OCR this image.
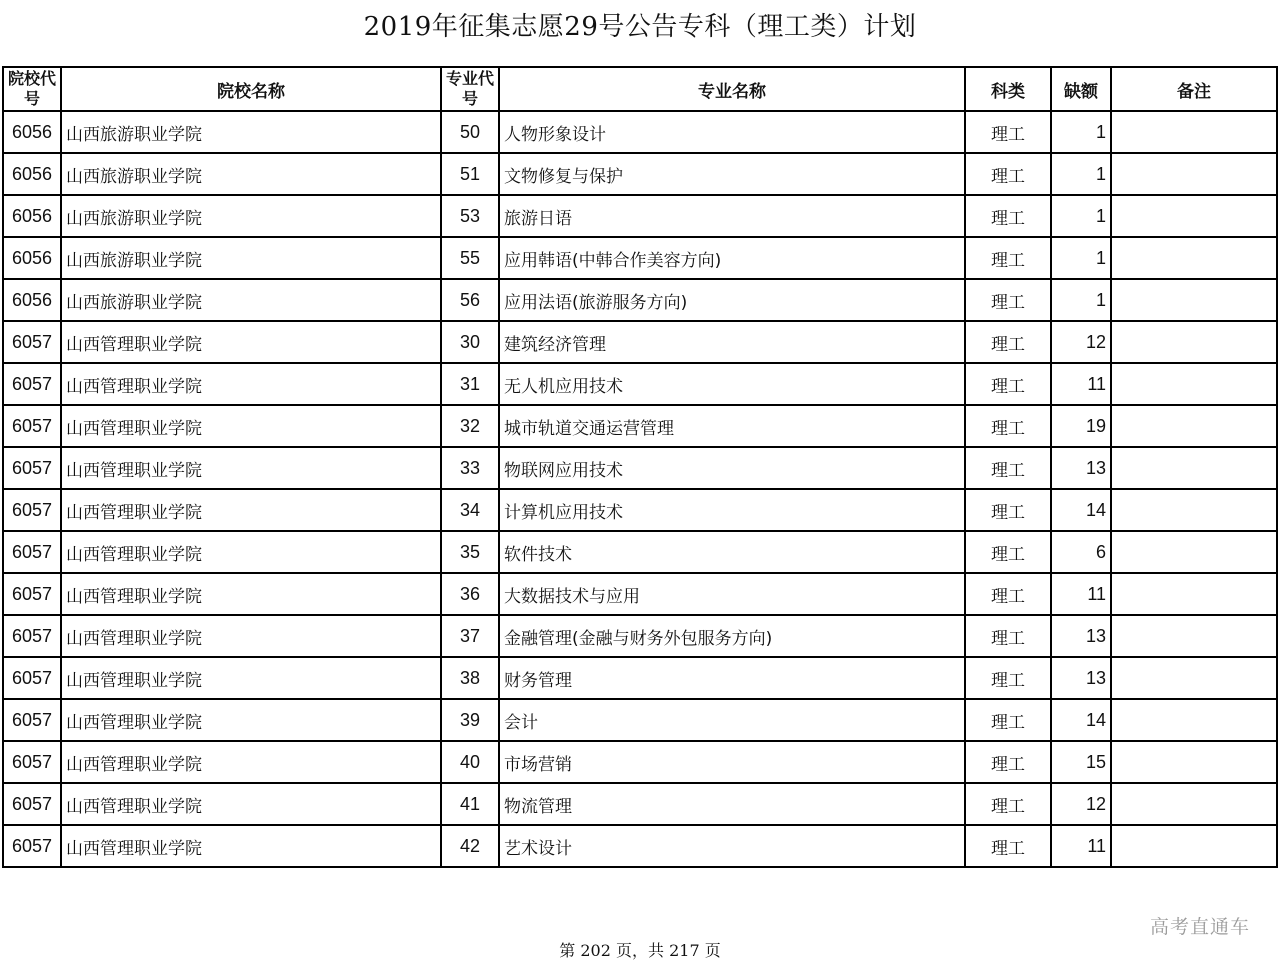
2019年征集志愿29号公告专科（理工类）计划
院校代号	院校名称	专业代号	专业名称	科类	缺额	备注
6056	山西旅游职业学院	50	人物形象设计	理工	1	
6056	山西旅游职业学院	51	文物修复与保护	理工	1	
6056	山西旅游职业学院	53	旅游日语	理工	1	
6056	山西旅游职业学院	55	应用韩语(中韩合作美容方向)	理工	1	
6056	山西旅游职业学院	56	应用法语(旅游服务方向)	理工	1	
6057	山西管理职业学院	30	建筑经济管理	理工	12	
6057	山西管理职业学院	31	无人机应用技术	理工	11	
6057	山西管理职业学院	32	城市轨道交通运营管理	理工	19	
6057	山西管理职业学院	33	物联网应用技术	理工	13	
6057	山西管理职业学院	34	计算机应用技术	理工	14	
6057	山西管理职业学院	35	软件技术	理工	6	
6057	山西管理职业学院	36	大数据技术与应用	理工	11	
6057	山西管理职业学院	37	金融管理(金融与财务外包服务方向)	理工	13	
6057	山西管理职业学院	38	财务管理	理工	13	
6057	山西管理职业学院	39	会计	理工	14	
6057	山西管理职业学院	40	市场营销	理工	15	
6057	山西管理职业学院	41	物流管理	理工	12	
6057	山西管理职业学院	42	艺术设计	理工	11	
高考直通车
第 202 页，共 217 页
